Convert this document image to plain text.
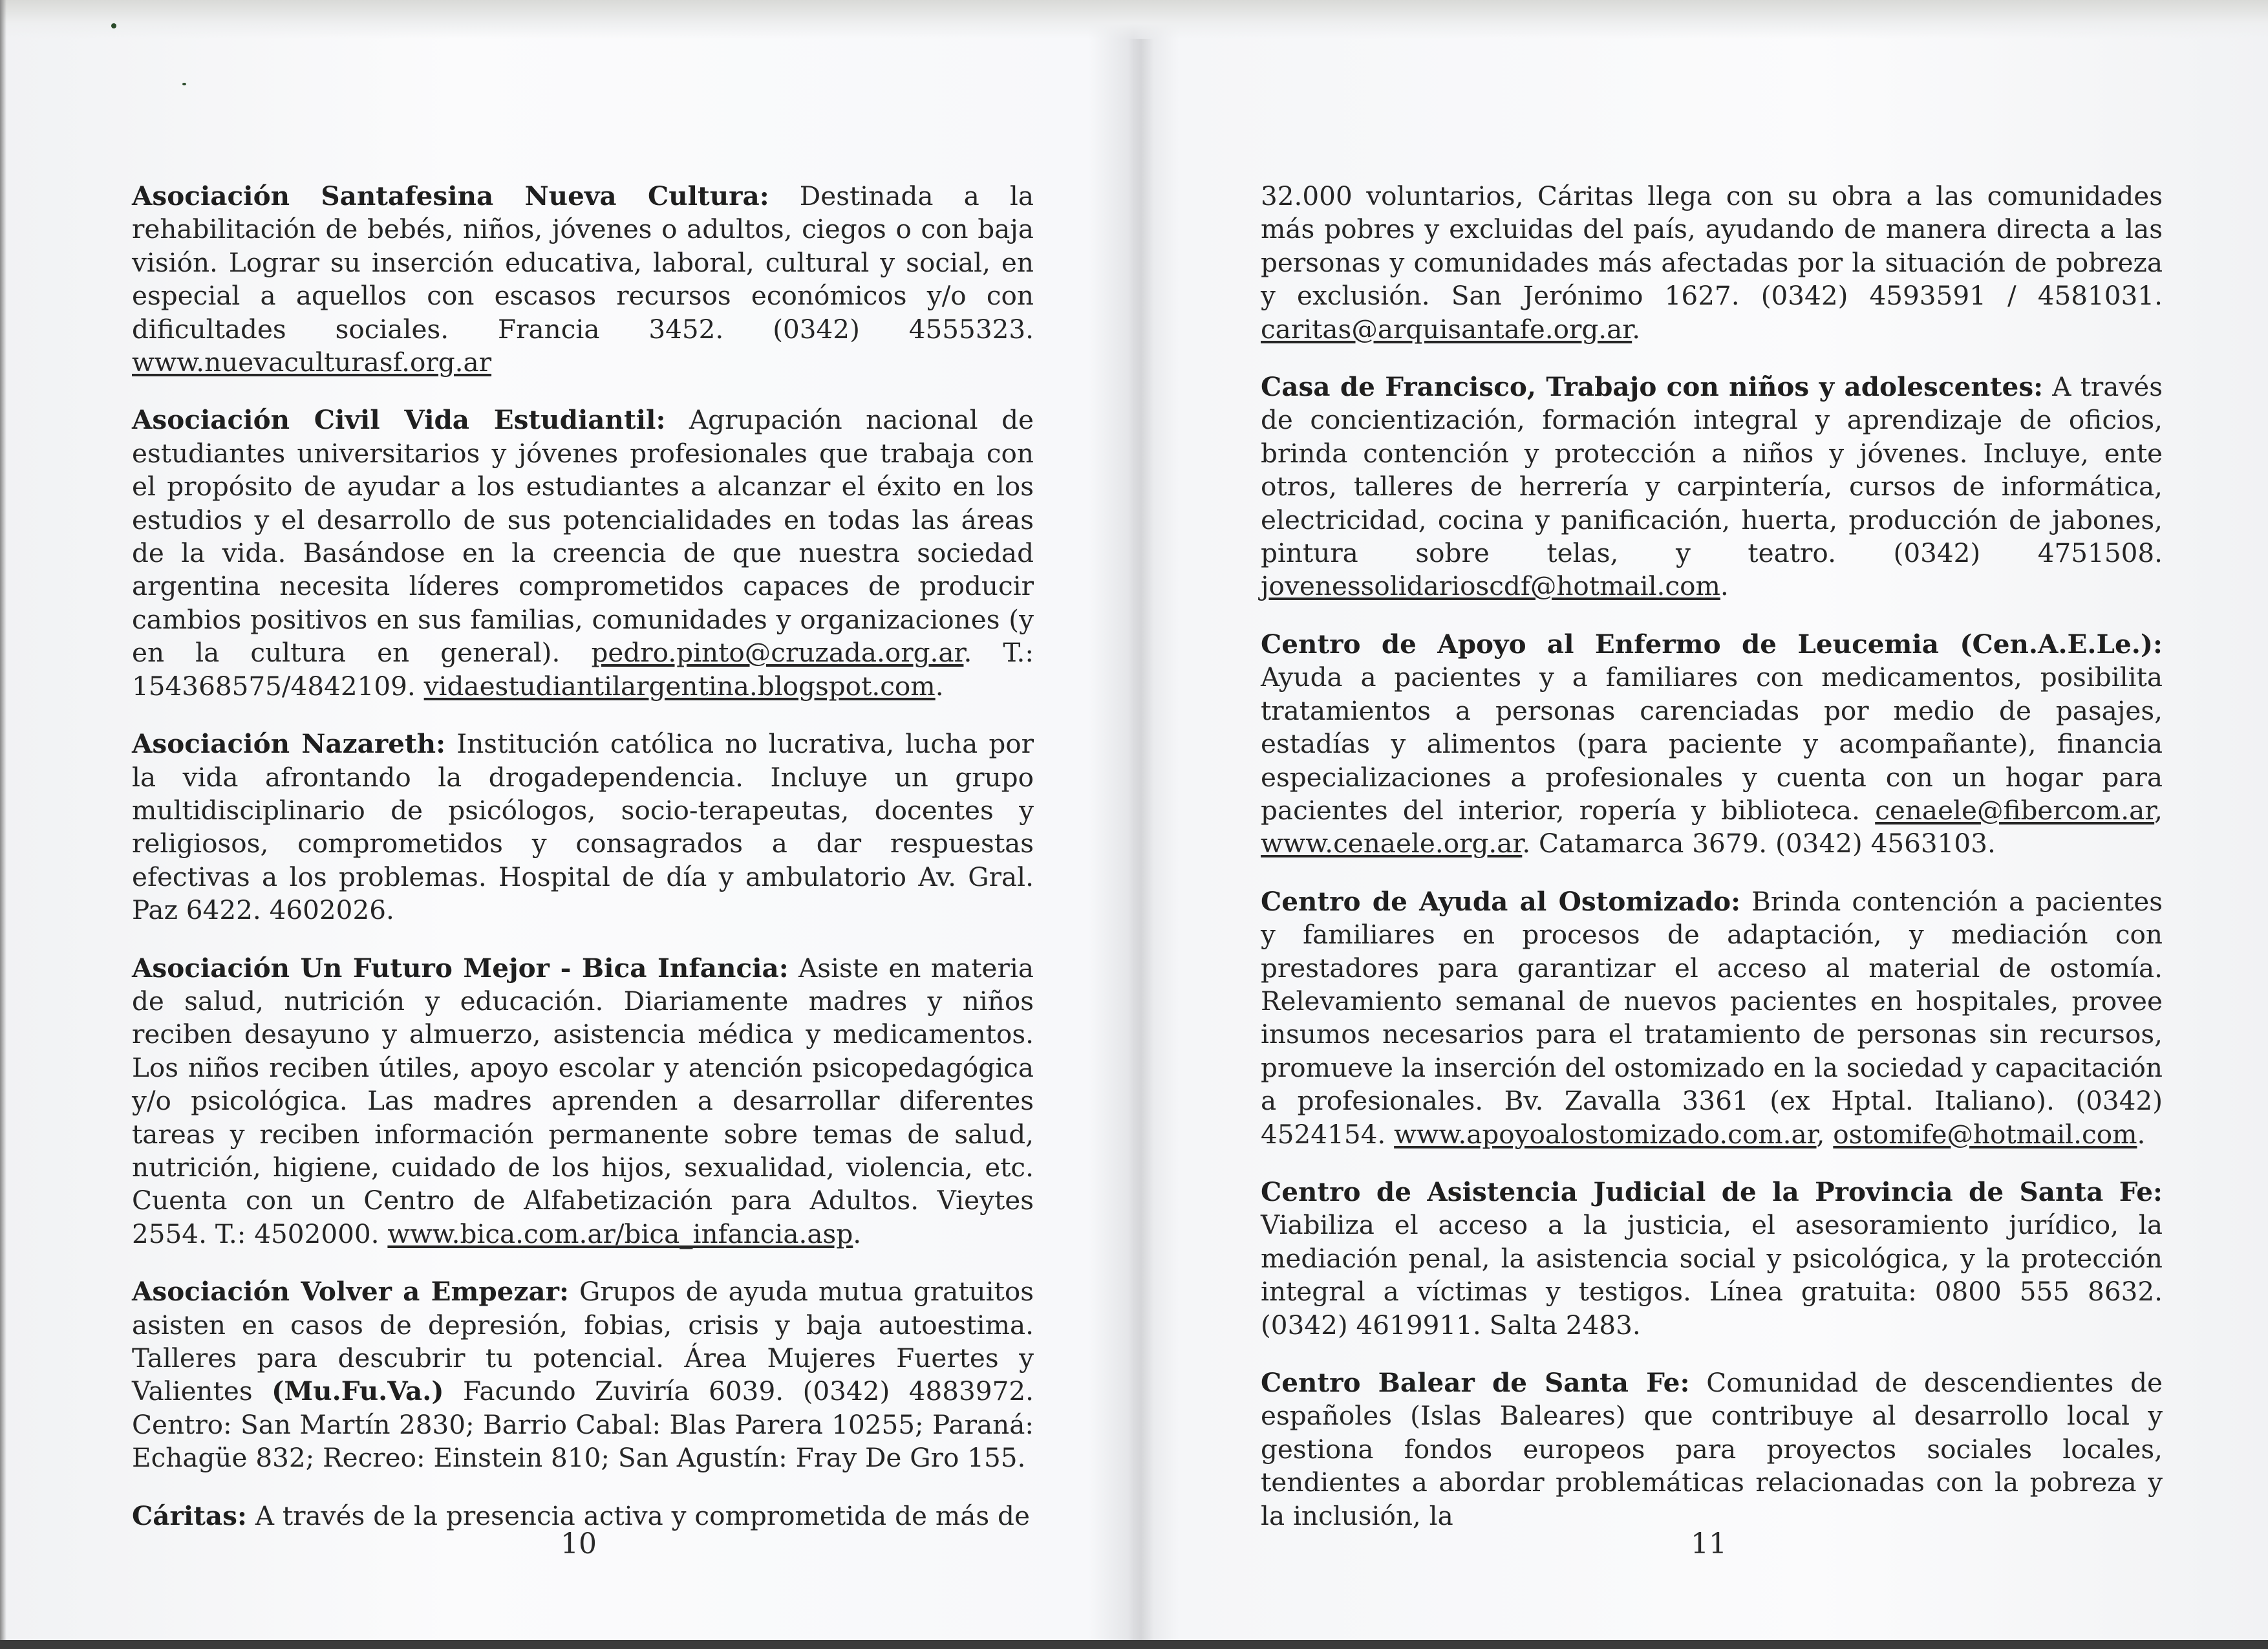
Asociación Santafesina Nueva Cultura: Destinada a la rehabilitación de bebés, niños, jóvenes o adultos, ciegos o con baja visión. Lograr su inserción educativa, laboral, cultural y social, en especial a aquellos con escasos recursos económicos y/o con dificultades sociales. Francia 3452. (0342) 4555323. www.nuevaculturasf.org.ar

Asociación Civil Vida Estudiantil: Agrupación nacional de estudiantes universitarios y jóvenes profesionales que trabaja con el propósito de ayudar a los estudiantes a alcanzar el éxito en los estudios y el desarrollo de sus potencialidades en todas las áreas de la vida. Basándose en la creencia de que nuestra sociedad argentina necesita líderes comprometidos capaces de producir cambios positivos en sus familias, comunidades y organizaciones (y en la cultura en general). pedro.pinto@cruzada.org.ar. T.: 154368575/4842109. vidaestudiantilargentina.blogspot.com.

Asociación Nazareth: Institución católica no lucrativa, lucha por la vida afrontando la drogadependencia. Incluye un grupo multidisciplinario de psicólogos, socio-terapeutas, docentes y religiosos, comprometidos y consagrados a dar respuestas efectivas a los problemas. Hospital de día y ambulatorio Av. Gral. Paz 6422. 4602026.

Asociación Un Futuro Mejor - Bica Infancia: Asiste en materia de salud, nutrición y educación. Diariamente madres y niños reciben desayuno y almuerzo, asistencia médica y medicamentos. Los niños reciben útiles, apoyo escolar y atención psicopedagógica y/o psicológica. Las madres aprenden a desarrollar diferentes tareas y reciben información permanente sobre temas de salud, nutrición, higiene, cuidado de los hijos, sexualidad, violencia, etc. Cuenta con un Centro de Alfabetización para Adultos. Vieytes 2554. T.: 4502000. www.bica.com.ar/bica_infancia.asp.

Asociación Volver a Empezar: Grupos de ayuda mutua gratuitos asisten en casos de depresión, fobias, crisis y baja autoestima. Talleres para descubrir tu potencial. Área Mujeres Fuertes y Valientes (Mu.Fu.Va.) Facundo Zuviría 6039. (0342) 4883972. Centro: San Martín 2830; Barrio Cabal: Blas Parera 10255; Paraná: Echagüe 832; Recreo: Einstein 810; San Agustín: Fray De Gro 155.

Cáritas: A través de la presencia activa y comprometida de más de

10

32.000 voluntarios, Cáritas llega con su obra a las comunidades más pobres y excluidas del país, ayudando de manera directa a las personas y comunidades más afectadas por la situación de pobreza y exclusión. San Jerónimo 1627. (0342) 4593591 / 4581031. caritas@arquisantafe.org.ar.

Casa de Francisco, Trabajo con niños y adolescentes: A través de concientización, formación integral y aprendizaje de oficios, brinda contención y protección a niños y jóvenes. Incluye, ente otros, talleres de herrería y carpintería, cursos de informática, electricidad, cocina y panificación, huerta, producción de jabones, pintura sobre telas, y teatro. (0342) 4751508. jovenessolidarioscdf@hotmail.com.

Centro de Apoyo al Enfermo de Leucemia (Cen.A.E.Le.): Ayuda a pacientes y a familiares con medicamentos, posibilita tratamientos a personas carenciadas por medio de pasajes, estadías y alimentos (para paciente y acompañante), financia especializaciones a profesionales y cuenta con un hogar para pacientes del interior, ropería y biblioteca. cenaele@fibercom.ar, www.cenaele.org.ar. Catamarca 3679. (0342) 4563103.

Centro de Ayuda al Ostomizado: Brinda contención a pacientes y familiares en procesos de adaptación, y mediación con prestadores para garantizar el acceso al material de ostomía. Relevamiento semanal de nuevos pacientes en hospitales, provee insumos necesarios para el tratamiento de personas sin recursos, promueve la inserción del ostomizado en la sociedad y capacitación a profesionales. Bv. Zavalla 3361 (ex Hptal. Italiano). (0342) 4524154. www.apoyoalostomizado.com.ar, ostomife@hotmail.com.

Centro de Asistencia Judicial de la Provincia de Santa Fe: Viabiliza el acceso a la justicia, el asesoramiento jurídico, la mediación penal, la asistencia social y psicológica, y la protección integral a víctimas y testigos. Línea gratuita: 0800 555 8632. (0342) 4619911. Salta 2483.

Centro Balear de Santa Fe: Comunidad de descendientes de españoles (Islas Baleares) que contribuye al desarrollo local y gestiona fondos europeos para proyectos sociales locales, tendientes a abordar problemáticas relacionadas con la pobreza y la inclusión, la

11
